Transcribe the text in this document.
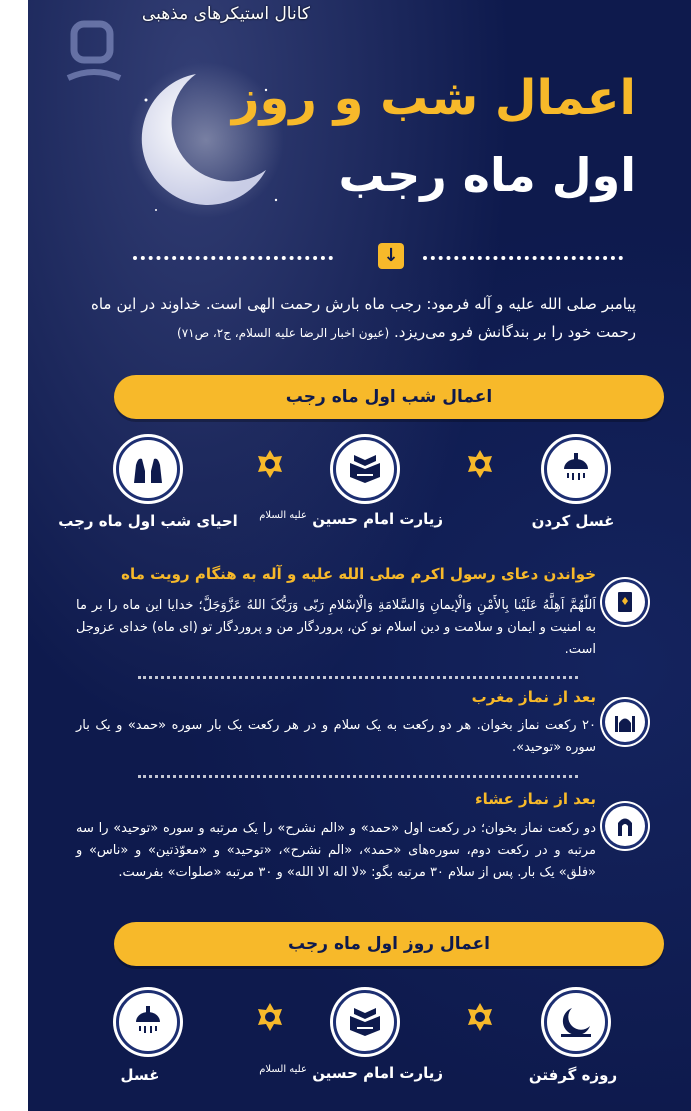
اعمال شب و روز
اول ماه رجب
↓
پیامبر صلی الله علیه و آله فرمود: رجب ماه بارش رحمت الهی است. خداوند در این ماه رحمت خود را بر بندگانش فرو می‌ریزد. (عیون اخبار الرضا علیه السلام، ج۲، ص۷۱)
اعمال شب اول ماه رجب
غسل کردن
زیارت امام حسین $^{علیه السلام}$
احیای شب اول ماه رجب
خواندن دعای رسول اکرم صلی الله علیه و آله به هنگام رویت ماه
اَللّٰهُمَّ اَهِلَّهُ عَلَیْنا بِالأَمْنِ وَالْإیمانِ وَالسَّلامَةِ وَالْإسْلامِ رَبّی وَرَبُّکَ اللهُ عَزَّوَجَلَّ؛ خدایا این ماه را بر ما به امنیت و ایمان و سلامت و دین اسلام نو کن، پروردگار من و پروردگار تو (ای ماه) خدای عزوجل است.
بعد از نماز مغرب
۲۰ رکعت نماز بخوان. هر دو رکعت به یک سلام و در هر رکعت یک بار سوره «حمد» و یک بار سوره «توحید».
بعد از نماز عشاء
دو رکعت نماز بخوان؛ در رکعت اول «حمد» و «الم نشرح» را یک مرتبه و سوره «توحید» را سه مرتبه و در رکعت دوم، سوره‌های «حمد»، «الم نشرح»، «توحید» و «معوّذتین» و «ناس» و «فلق» یک بار. پس از سلام ۳۰ مرتبه بگو: «لا اله الا الله» و ۳۰ مرتبه «صلوات» بفرست.
اعمال روز اول ماه رجب
روزه گرفتن
زیارت امام حسین $^{علیه السلام}$
غسل
کانال استیکرهای مذهبی
